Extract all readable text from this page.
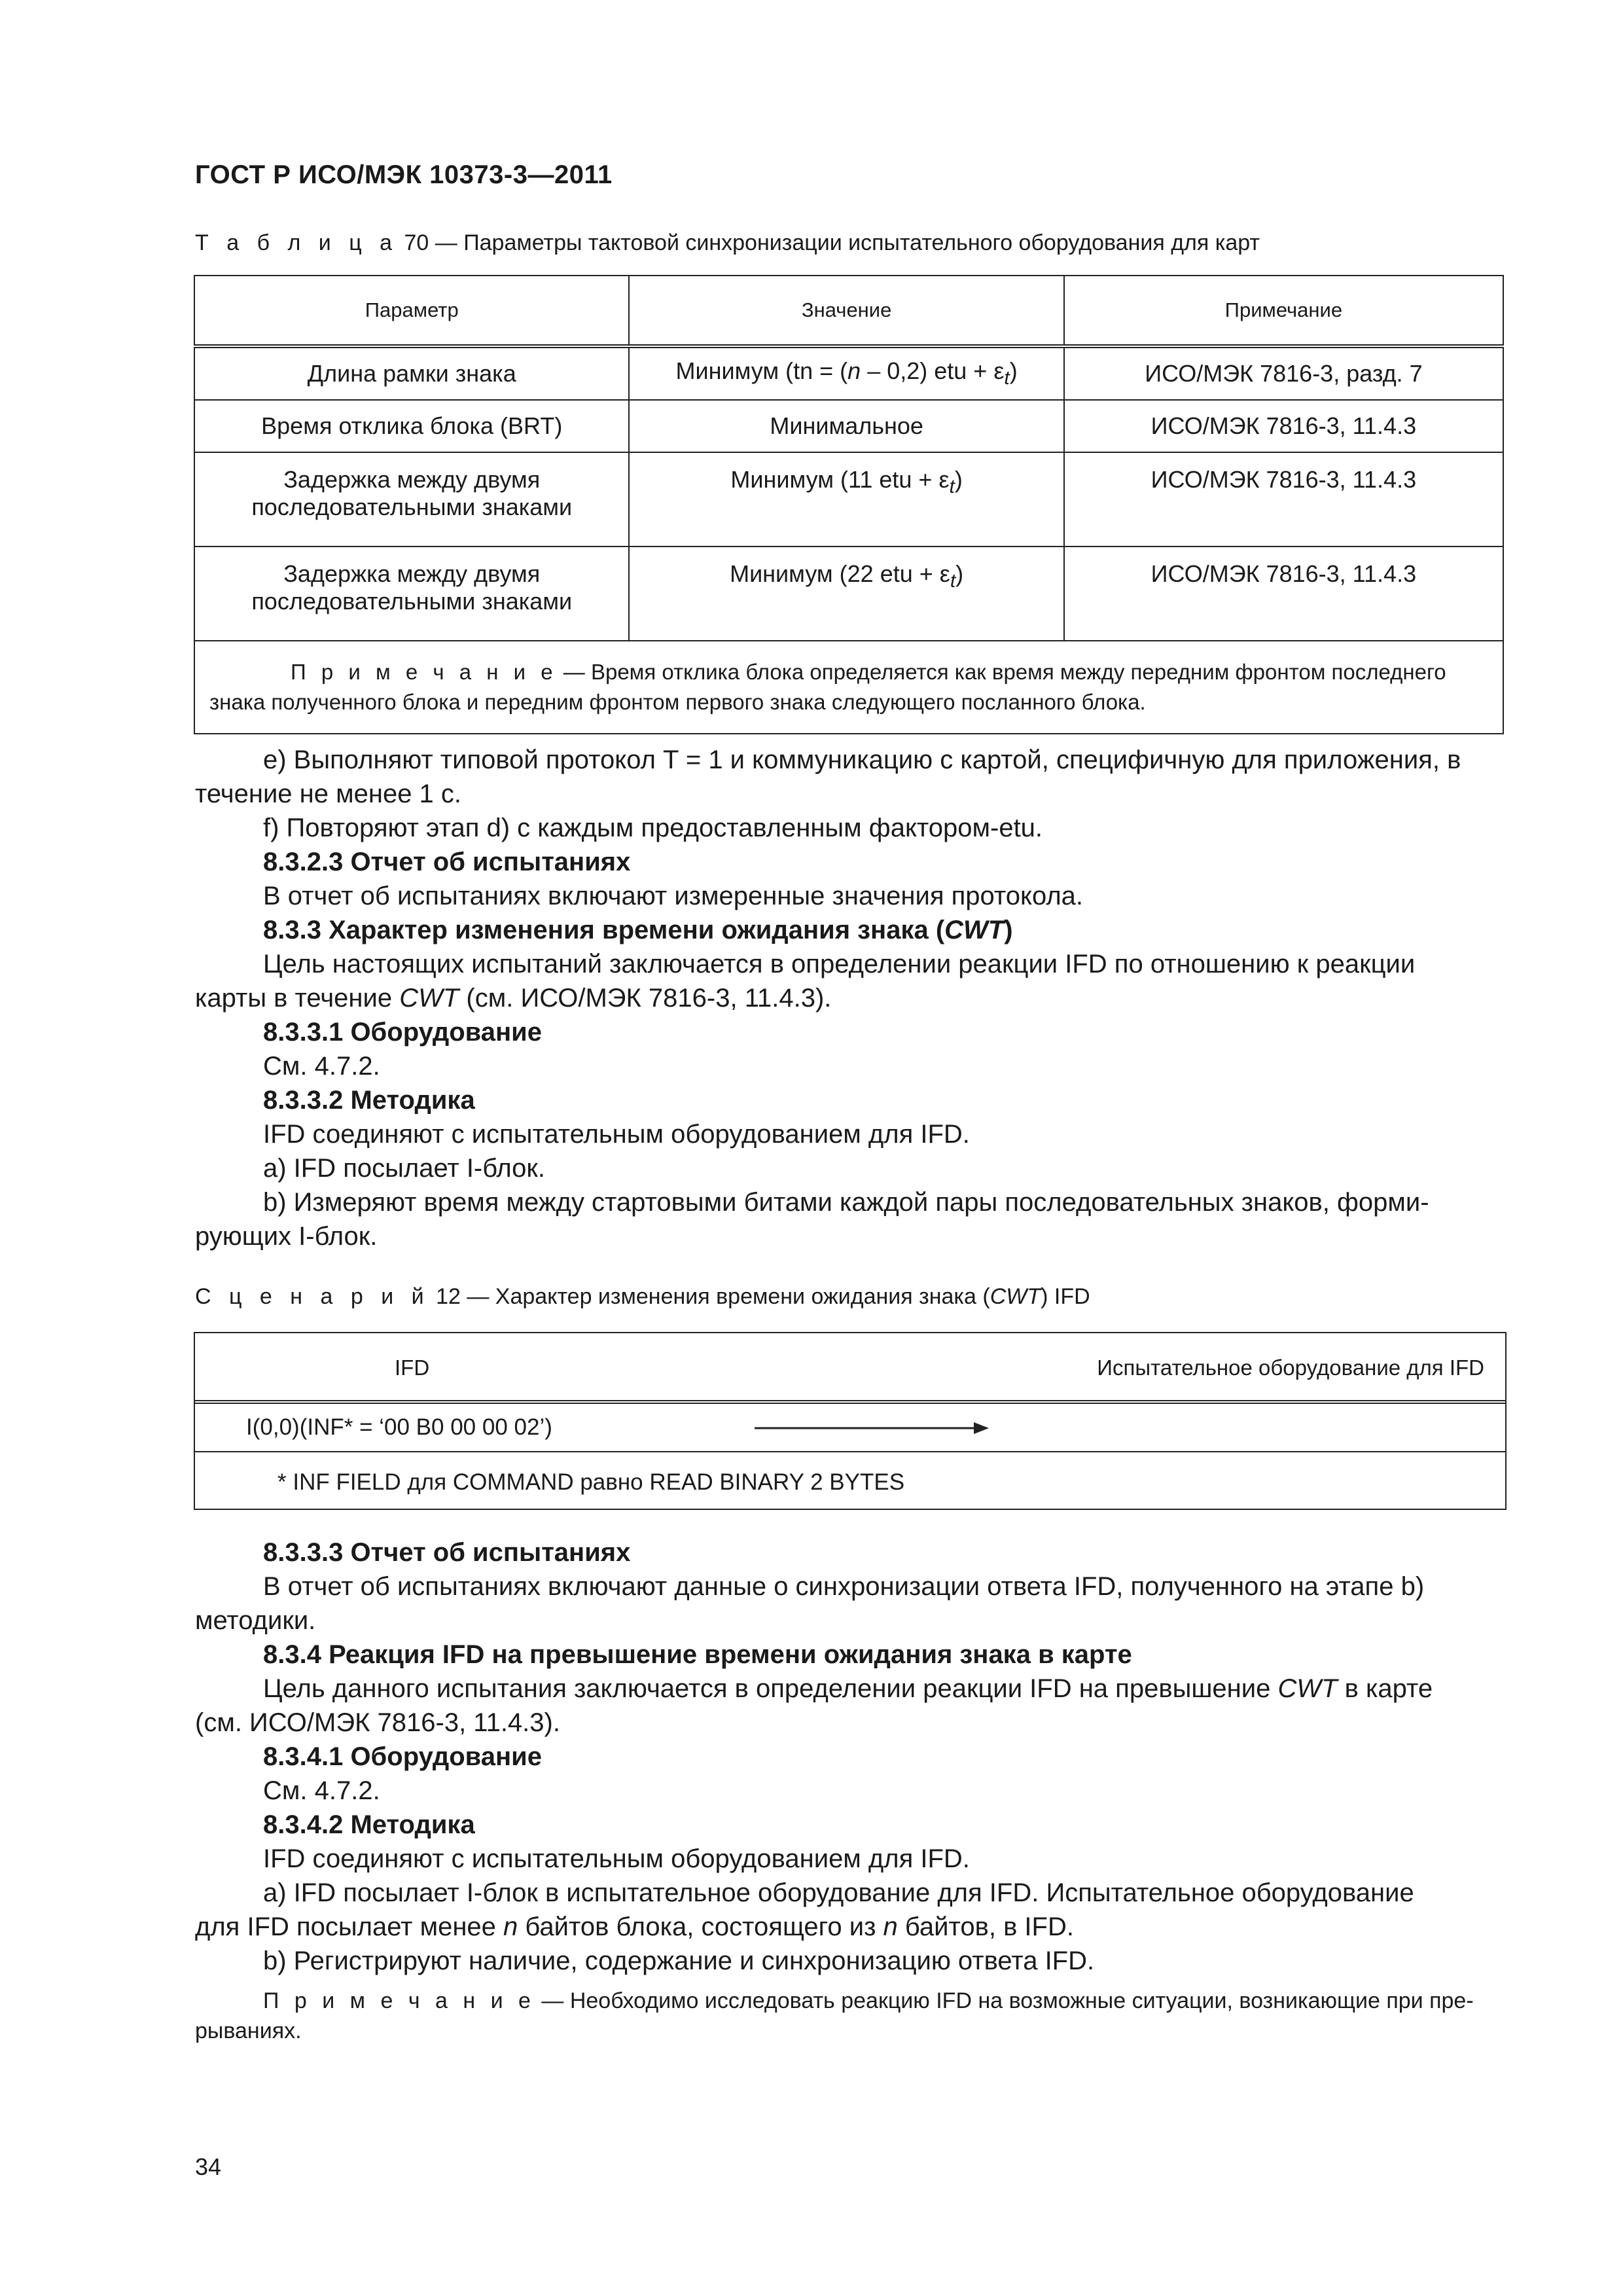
ГОСТ Р ИСО/МЭК 10373-3—2011
Т а б л и ц а 70 — Параметры тактовой синхронизации испытательного оборудования для карт
Параметр	Значение	Примечание
Длина рамки знака	Минимум (tn = (n – 0,2) etu + $\varepsilon_t$)	ИСО/МЭК 7816-3, разд. 7
Время отклика блока (BRT)	Минимальное	ИСО/МЭК 7816-3, 11.4.3
Задержка между двумя
последовательными знаками	Минимум (11 etu + $\varepsilon_t$)	ИСО/МЭК 7816-3, 11.4.3
Задержка между двумя
последовательными знаками	Минимум (22 etu + $\varepsilon_t$)	ИСО/МЭК 7816-3, 11.4.3
П р и м е ч а н и е — Время отклика блока определяется как время между передним фронтом последнего
знака полученного блока и передним фронтом первого знака следующего посланного блока.		
e) Выполняют типовой протокол T = 1 и коммуникацию с картой, специфичную для приложения, в
течение не менее 1 с.
f) Повторяют этап d) с каждым предоставленным фактором-etu.
8.3.2.3 Отчет об испытаниях
В отчет об испытаниях включают измеренные значения протокола.
8.3.3 Характер изменения времени ожидания знака (CWT)
Цель настоящих испытаний заключается в определении реакции IFD по отношению к реакции
карты в течение CWT (см. ИСО/МЭК 7816-3, 11.4.3).
8.3.3.1 Оборудование
См. 4.7.2.
8.3.3.2 Методика
IFD соединяют с испытательным оборудованием для IFD.
a) IFD посылает I-блок.
b) Измеряют время между стартовыми битами каждой пары последовательных знаков, форми-
рующих I-блок.
С ц е н а р и й 12 — Характер изменения времени ожидания знака (CWT) IFD
IFD	Испытательное оборудование для IFD
I(0,0)(INF* = ‘00 B0 00 00 02’)
* INF FIELD для COMMAND равно READ BINARY 2 BYTES
8.3.3.3 Отчет об испытаниях
В отчет об испытаниях включают данные о синхронизации ответа IFD, полученного на этапе b)
методики.
8.3.4 Реакция IFD на превышение времени ожидания знака в карте
Цель данного испытания заключается в определении реакции IFD на превышение CWT в карте
(см. ИСО/МЭК 7816-3, 11.4.3).
8.3.4.1 Оборудование
См. 4.7.2.
8.3.4.2 Методика
IFD соединяют с испытательным оборудованием для IFD.
a) IFD посылает I-блок в испытательное оборудование для IFD. Испытательное оборудование
для IFD посылает менее n байтов блока, состоящего из n байтов, в IFD.
b) Регистрируют наличие, содержание и синхронизацию ответа IFD.
П р и м е ч а н и е — Необходимо исследовать реакцию IFD на возможные ситуации, возникающие при пре-
рываниях.
34
